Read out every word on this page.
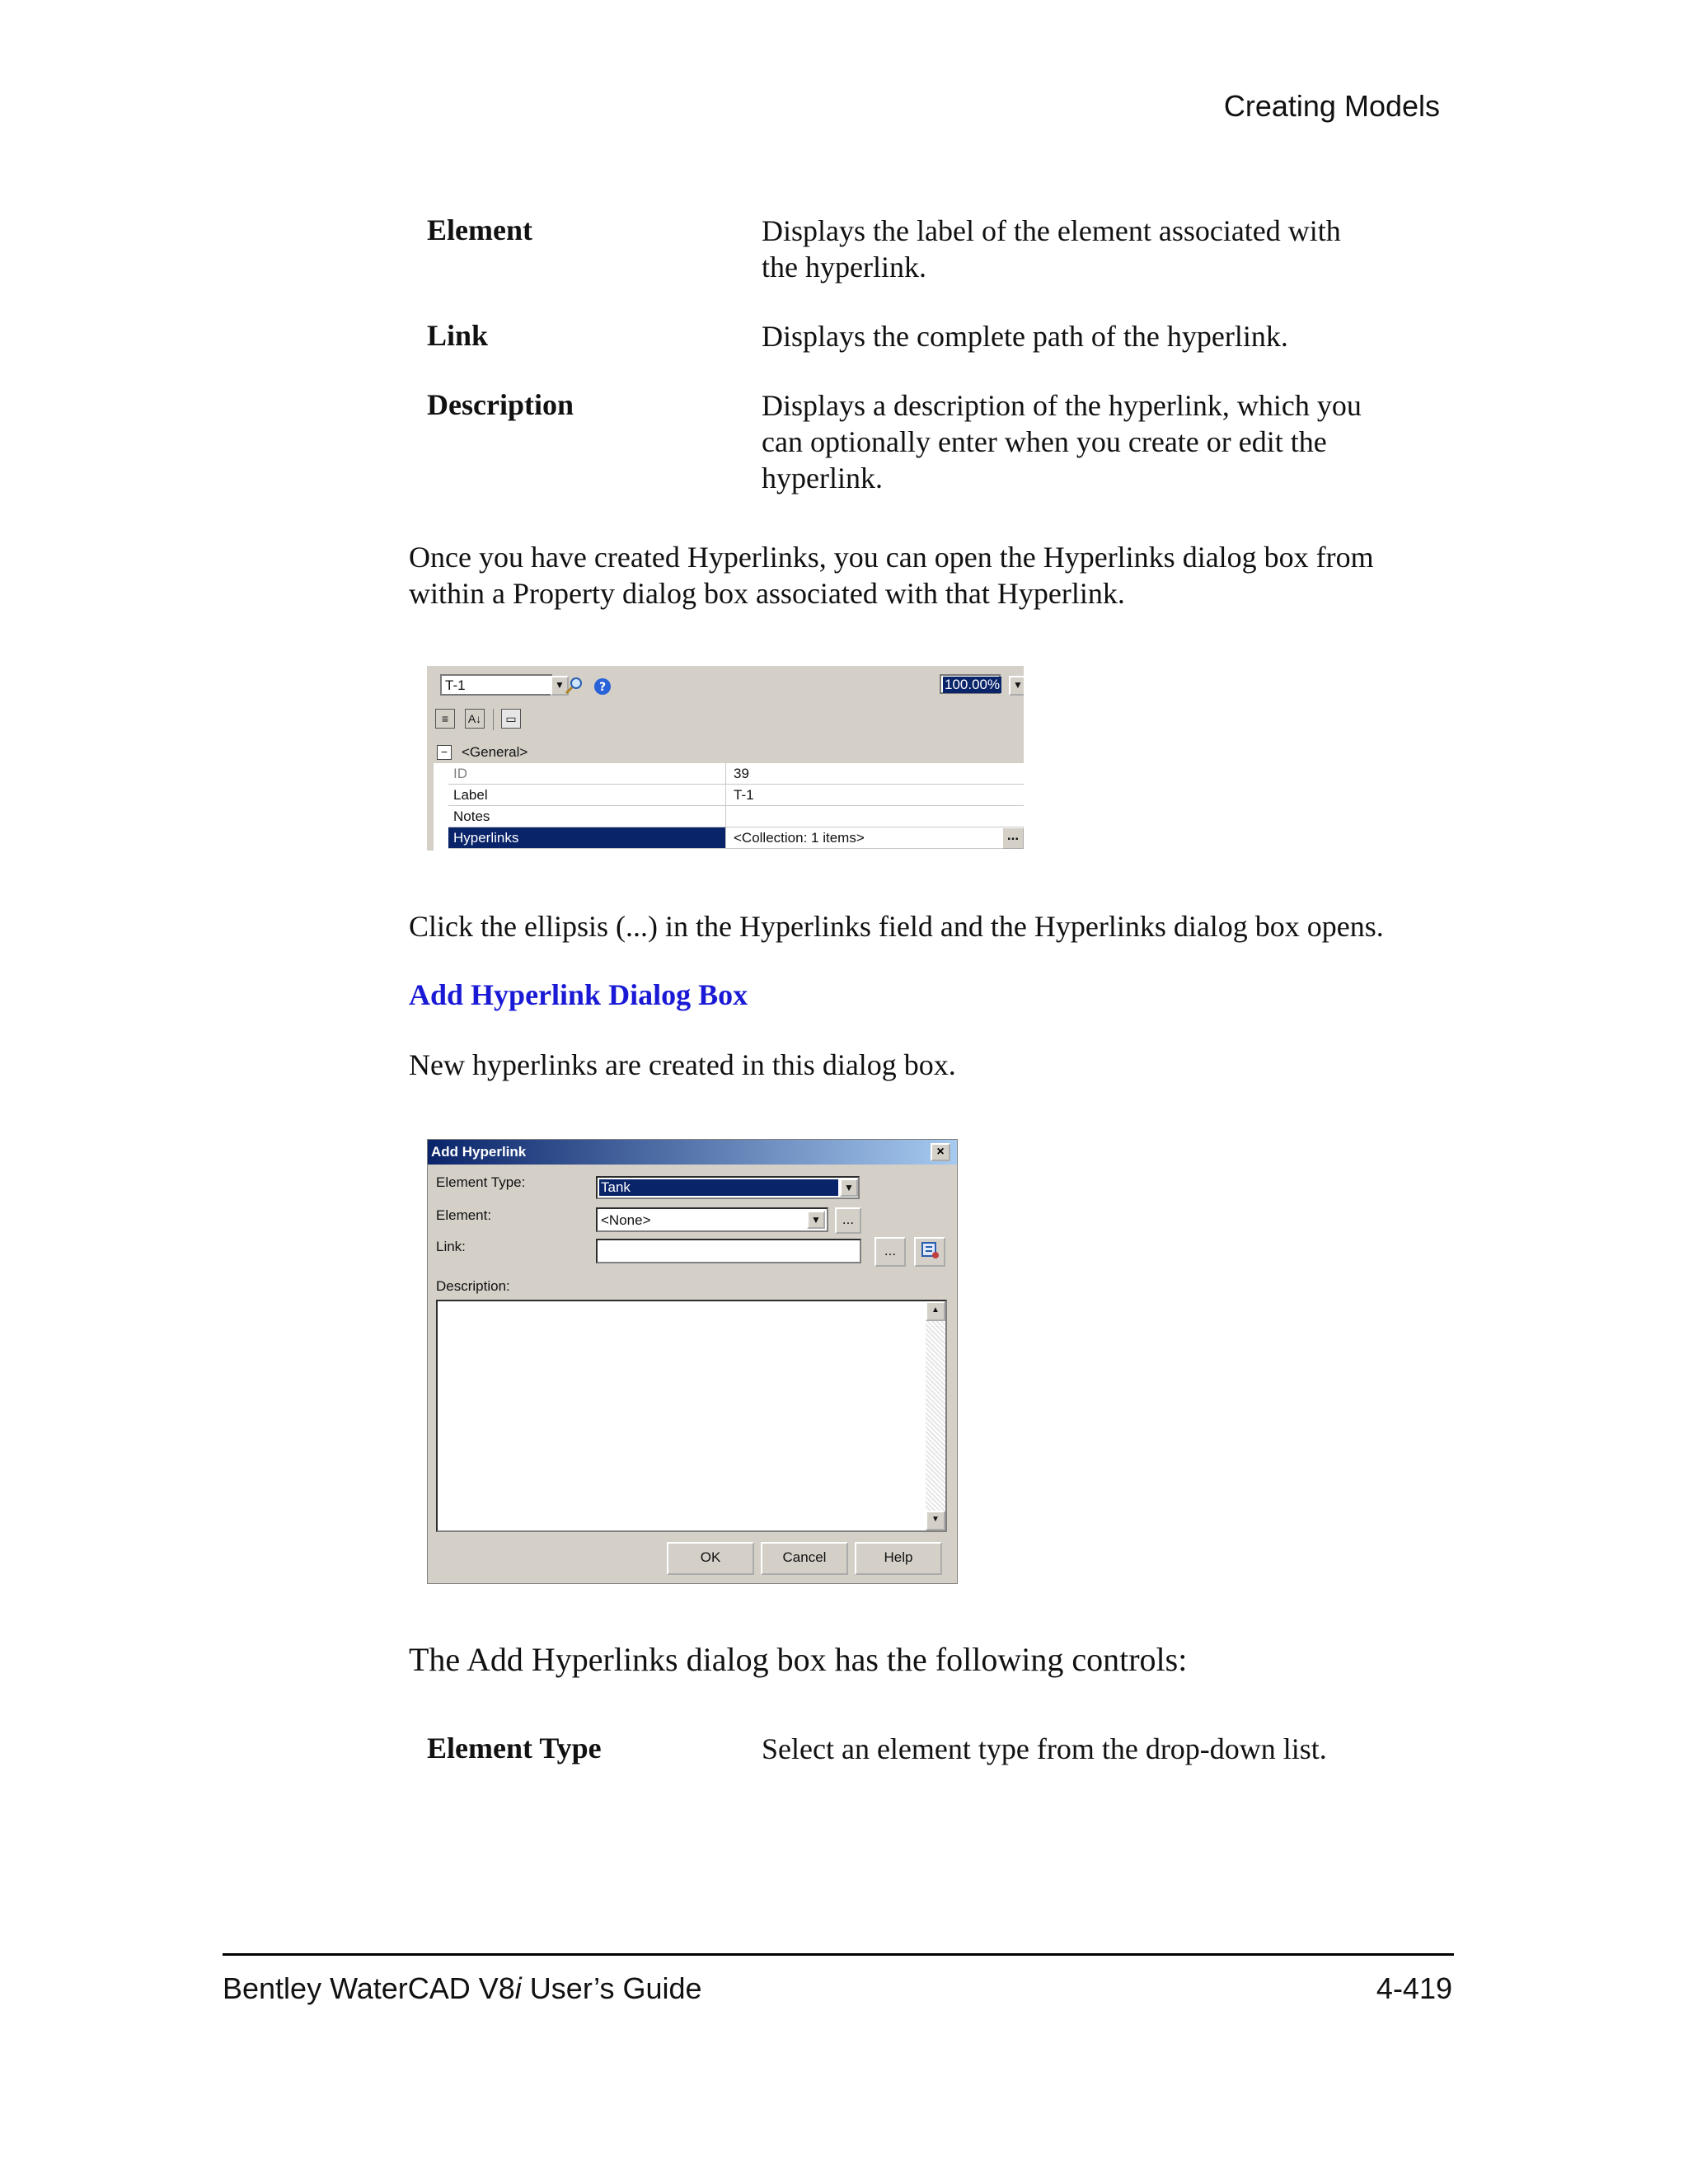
Creating Models
Element	Displays the label of the element associated with
the hyperlink.
Link	Displays the complete path of the hyperlink.
Description	Displays a description of the hyperlink, which you
can optionally enter when you create or edit the
hyperlink.
Once you have created Hyperlinks, you can open the Hyperlinks dialog box from
within a Property dialog box associated with that Hyperlink.
T-1	▼	?	100.00%	▼
≡	A↓	▭
− <General>
ID	39
Label	T-1
Notes
Hyperlinks	<Collection: 1 items>	...
Click the ellipsis (...) in the Hyperlinks field and the Hyperlinks dialog box opens.
Add Hyperlink Dialog Box
New hyperlinks are created in this dialog box.
Add Hyperlink	×
Element Type:	Tank	▼
Element:	<None>	▼	...
Link:	...
Description:
▲
▼
OK	Cancel	Help
The Add Hyperlinks dialog box has the following controls:
Element Type	Select an element type from the drop-down list.
Bentley WaterCAD V8i User’s Guide	4-419
